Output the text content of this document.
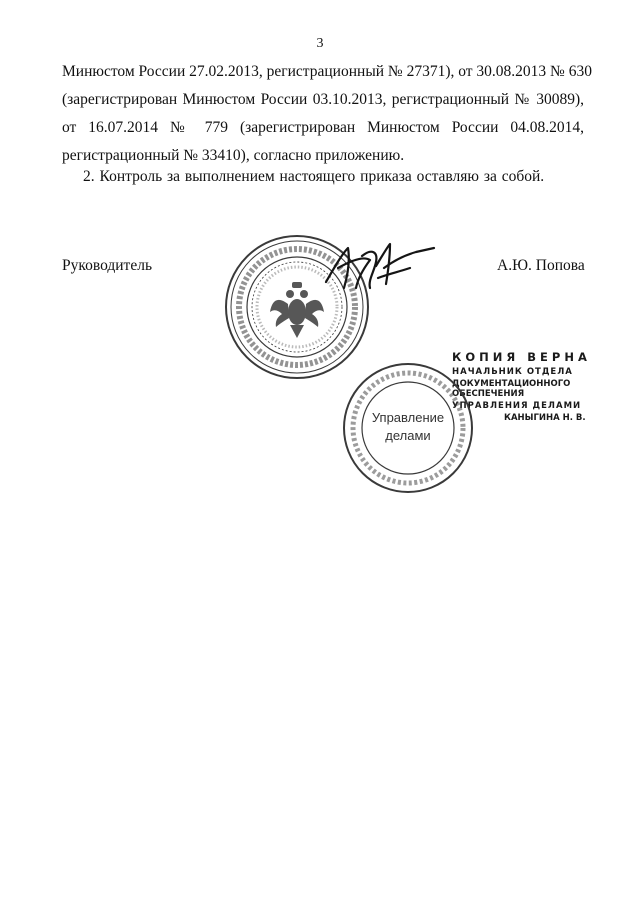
3
Минюстом России 27.02.2013, регистрационный № 27371), от 30.08.2013 № 630
(зарегистрирован Минюстом России 03.10.2013, регистрационный № 30089),
от 16.07.2014 № 779 (зарегистрирован Минюстом России 04.08.2014,
регистрационный № 33410), согласно приложению.
2. Контроль за выполнением настоящего приказа оставляю за собой.
Руководитель	А.Ю. Попова
КОПИЯ ВЕРНА
НАЧАЛЬНИК ОТДЕЛА
ДОКУМЕНТАЦИОННОГО ОБЕСПЕЧЕНИЯ
УПРАВЛЕНИЯ ДЕЛАМИ
КАНЫГИНА Н. В.
Управление
делами
